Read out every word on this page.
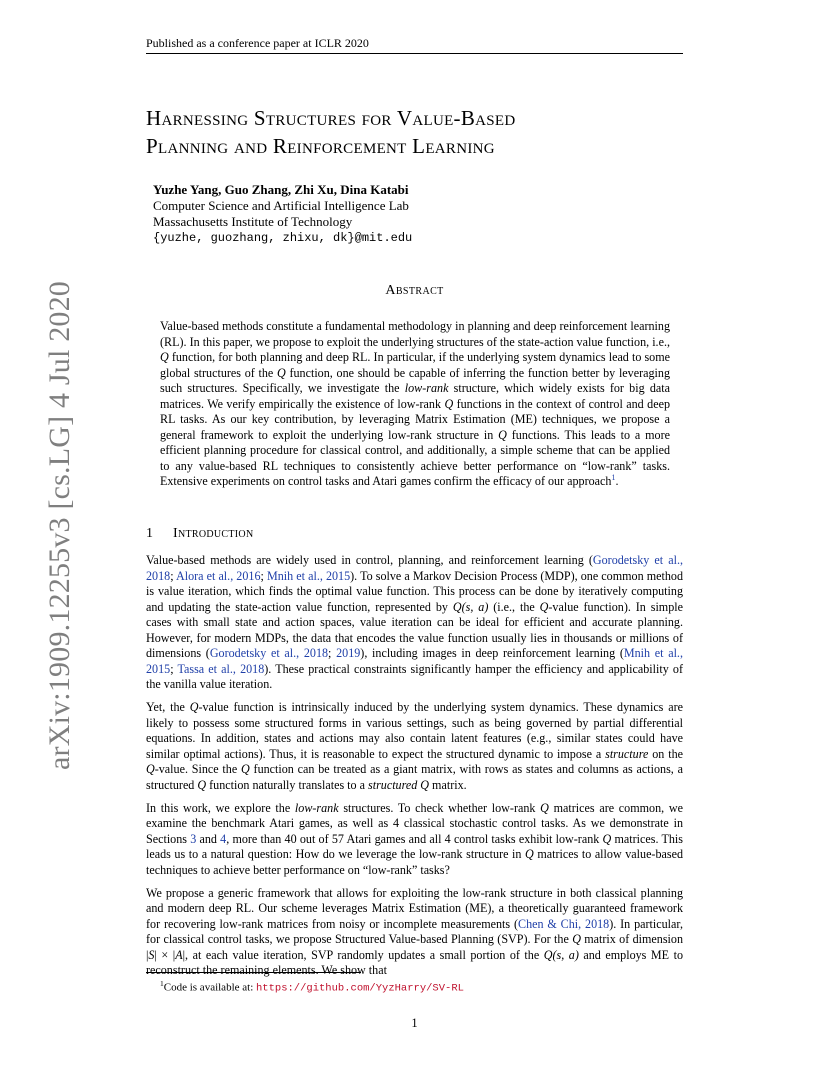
Published as a conference paper at ICLR 2020
arXiv:1909.12255v3 [cs.LG] 4 Jul 2020
Harnessing Structures for Value-Based
Planning and Reinforcement Learning
Yuzhe Yang, Guo Zhang, Zhi Xu, Dina Katabi
Computer Science and Artificial Intelligence Lab
Massachusetts Institute of Technology
{yuzhe, guozhang, zhixu, dk}@mit.edu
Abstract
Value-based methods constitute a fundamental methodology in planning and deep reinforcement learning (RL). In this paper, we propose to exploit the underlying structures of the state-action value function, i.e., Q function, for both planning and deep RL. In particular, if the underlying system dynamics lead to some global structures of the Q function, one should be capable of inferring the function better by leveraging such structures. Specifically, we investigate the low-rank structure, which widely exists for big data matrices. We verify empirically the existence of low-rank Q functions in the context of control and deep RL tasks. As our key contribution, by leveraging Matrix Estimation (ME) techniques, we propose a general framework to exploit the underlying low-rank structure in Q functions. This leads to a more efficient planning procedure for classical control, and additionally, a simple scheme that can be applied to any value-based RL techniques to consistently achieve better performance on “low-rank” tasks. Extensive experiments on control tasks and Atari games confirm the efficacy of our approach$^1$.
1 Introduction

Value-based methods are widely used in control, planning, and reinforcement learning (Gorodetsky et al., 2018; Alora et al., 2016; Mnih et al., 2015). To solve a Markov Decision Process (MDP), one common method is value iteration, which finds the optimal value function. This process can be done by iteratively computing and updating the state-action value function, represented by Q(s, a) (i.e., the Q-value function). In simple cases with small state and action spaces, value iteration can be ideal for efficient and accurate planning. However, for modern MDPs, the data that encodes the value function usually lies in thousands or millions of dimensions (Gorodetsky et al., 2018; 2019), including images in deep reinforcement learning (Mnih et al., 2015; Tassa et al., 2018). These practical constraints significantly hamper the efficiency and applicability of the vanilla value iteration.

Yet, the Q-value function is intrinsically induced by the underlying system dynamics. These dynamics are likely to possess some structured forms in various settings, such as being governed by partial differential equations. In addition, states and actions may also contain latent features (e.g., similar states could have similar optimal actions). Thus, it is reasonable to expect the structured dynamic to impose a structure on the Q-value. Since the Q function can be treated as a giant matrix, with rows as states and columns as actions, a structured Q function naturally translates to a structured Q matrix.

In this work, we explore the low-rank structures. To check whether low-rank Q matrices are common, we examine the benchmark Atari games, as well as 4 classical stochastic control tasks. As we demonstrate in Sections 3 and 4, more than 40 out of 57 Atari games and all 4 control tasks exhibit low-rank Q matrices. This leads us to a natural question: How do we leverage the low-rank structure in Q matrices to allow value-based techniques to achieve better performance on “low-rank” tasks?

We propose a generic framework that allows for exploiting the low-rank structure in both classical planning and modern deep RL. Our scheme leverages Matrix Estimation (ME), a theoretically guaranteed framework for recovering low-rank matrices from noisy or incomplete measurements (Chen & Chi, 2018). In particular, for classical control tasks, we propose Structured Value-based Planning (SVP). For the Q matrix of dimension |S| × |A|, at each value iteration, SVP randomly updates a small portion of the Q(s, a) and employs ME to reconstruct the remaining elements. We show that

$^1$Code is available at: https://github.com/YyzHarry/SV-RL
1
